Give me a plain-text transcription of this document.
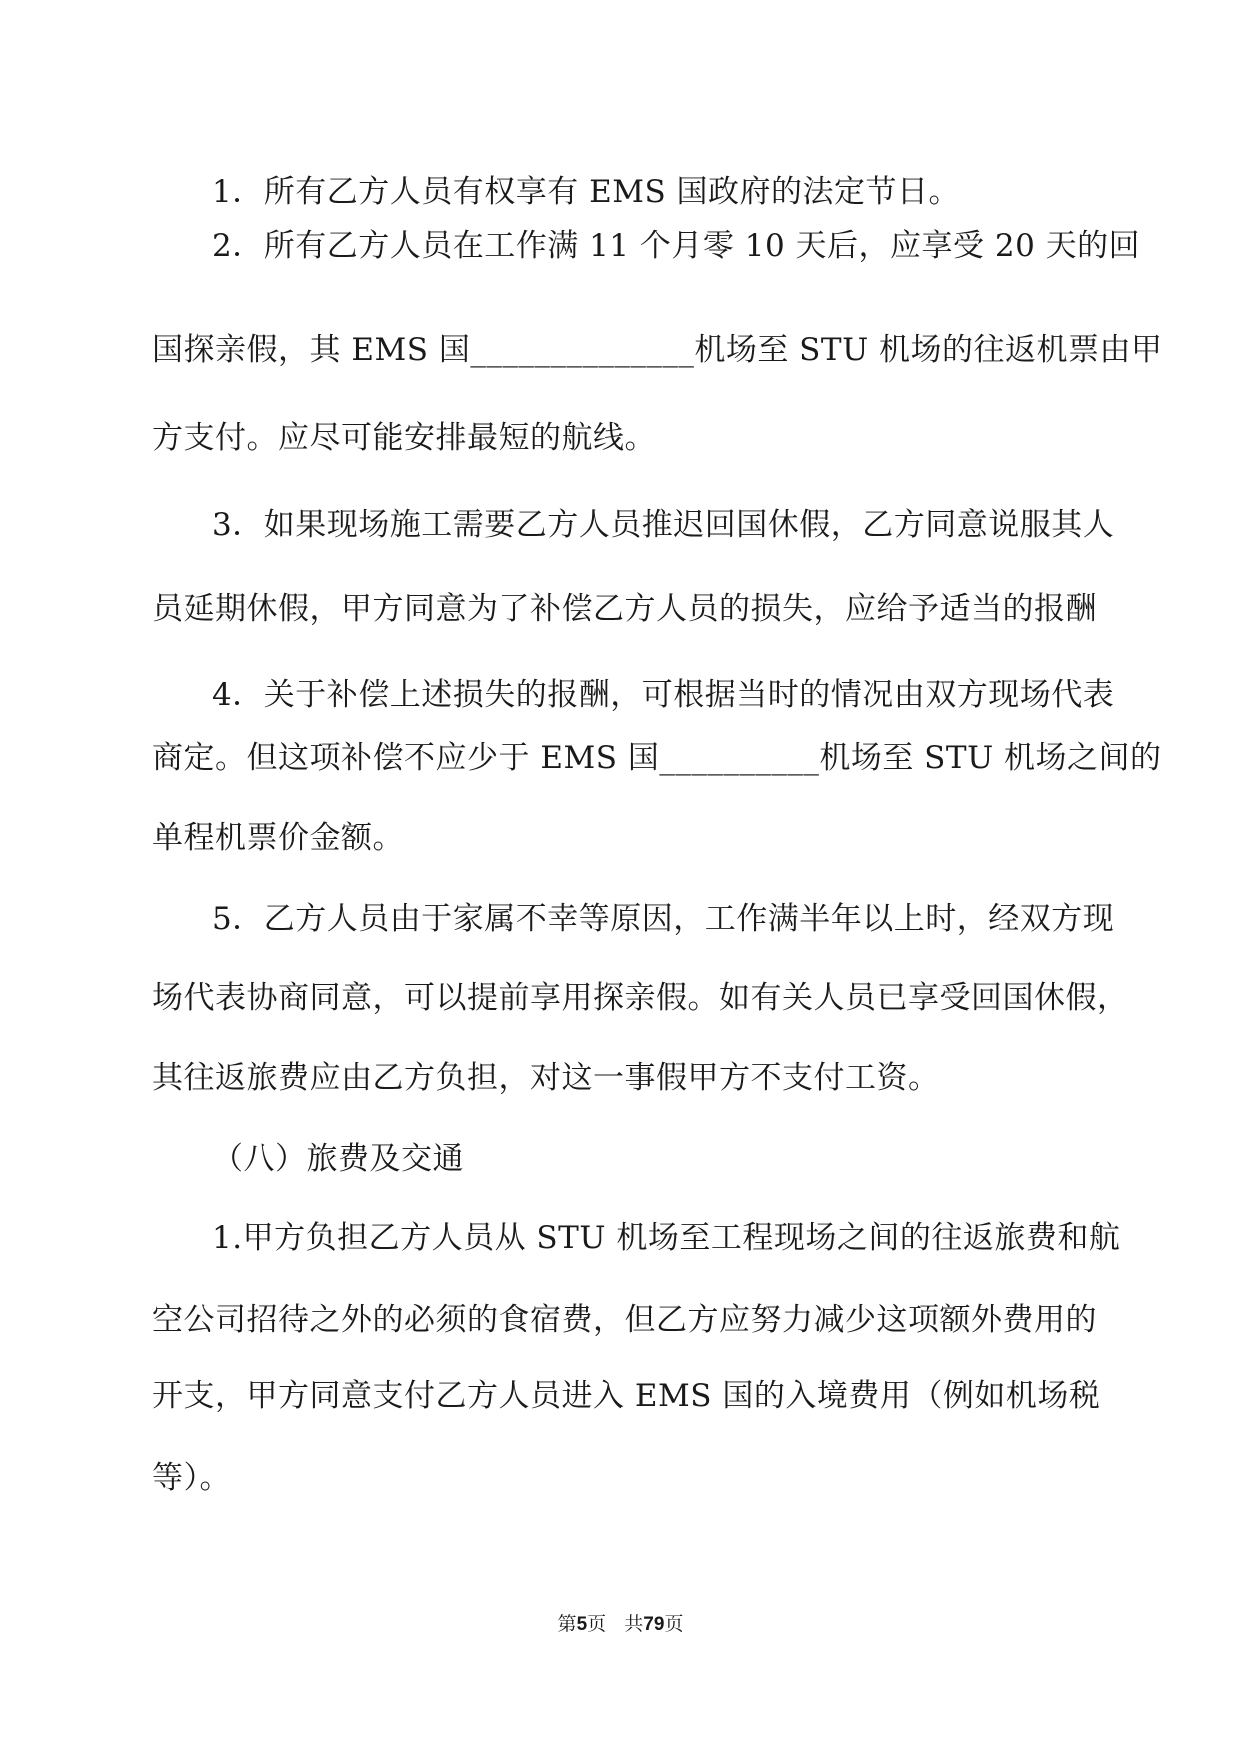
1．所有乙方人员有权享有 EMS 国政府的法定节日。
2．所有乙方人员在工作满 11 个月零 10 天后，应享受 20 天的回
国探亲假，其 EMS 国______________机场至 STU 机场的往返机票由甲
方支付。应尽可能安排最短的航线。
3．如果现场施工需要乙方人员推迟回国休假，乙方同意说服其人
员延期休假，甲方同意为了补偿乙方人员的损失，应给予适当的报酬
4．关于补偿上述损失的报酬，可根据当时的情况由双方现场代表
商定。但这项补偿不应少于 EMS 国__________机场至 STU 机场之间的
单程机票价金额。
5．乙方人员由于家属不幸等原因，工作满半年以上时，经双方现
场代表协商同意，可以提前享用探亲假。如有关人员已享受回国休假，
其往返旅费应由乙方负担，对这一事假甲方不支付工资。
（八）旅费及交通
1.甲方负担乙方人员从 STU 机场至工程现场之间的往返旅费和航
空公司招待之外的必须的食宿费，但乙方应努力减少这项额外费用的
开支，甲方同意支付乙方人员进入 EMS 国的入境费用（例如机场税
等）。
第5页 共79页
